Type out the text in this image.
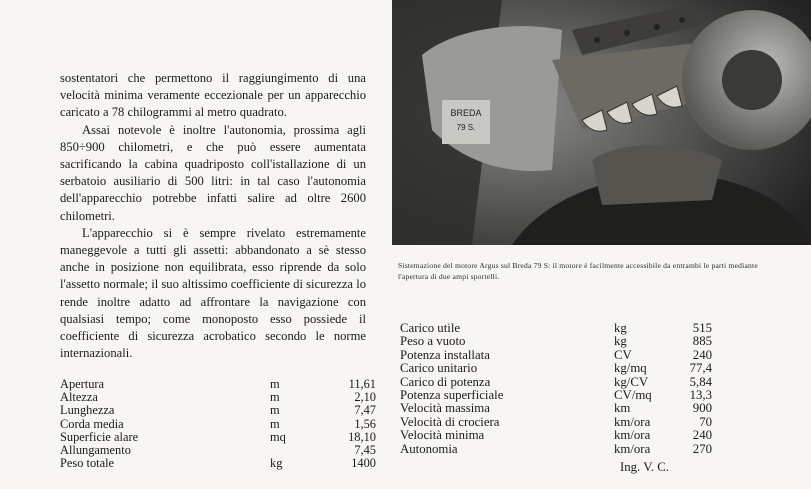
sostentatori che permettono il raggiungimento di una velocità minima veramente eccezionale per un apparecchio caricato a 78 chilogrammi al metro quadrato.

Assai notevole è inoltre l'autonomia, prossima agli 850÷900 chilometri, e che può essere aumentata sacrificando la cabina quadriposto coll'istallazione di un serbatoio ausiliario di 500 litri: in tal caso l'autonomia dell'apparecchio potrebbe infatti salire ad oltre 2600 chilometri.

L'apparecchio si è sempre rivelato estremamente maneggevole a tutti gli assetti: abbandonato a sè stesso anche in posizione non equilibrata, esso riprende da solo l'assetto normale; il suo altissimo coefficiente di sicurezza lo rende inoltre adatto ad affrontare la navigazione con qualsiasi tempo; come monoposto esso possiede il coefficiente di sicurezza acrobatico secondo le norme internazionali.

Apertura	m	11,61
Altezza	m	2,10
Lunghezza	m	7,47
Corda media	m	1,56
Superficie alare	mq	18,10
Allungamento		7,45
Peso totale	kg	1400
BREDA
79 S.
Sistemazione del motore Argus sul Breda 79 S: il motore è facilmente accessibile da entrambi le parti mediante l'apertura di due ampi sportelli.
Carico utile	kg	515
Peso a vuoto	kg	885
Potenza installata	CV	240
Carico unitario	kg/mq	77,4
Carico di potenza	kg/CV	5,84
Potenza superficiale	CV/mq	13,3
Velocità massima	km	900
Velocità di crociera	km/ora	70
Velocità minima	km/ora	240
Autonomia	km/ora	270
Ing. V. C.
